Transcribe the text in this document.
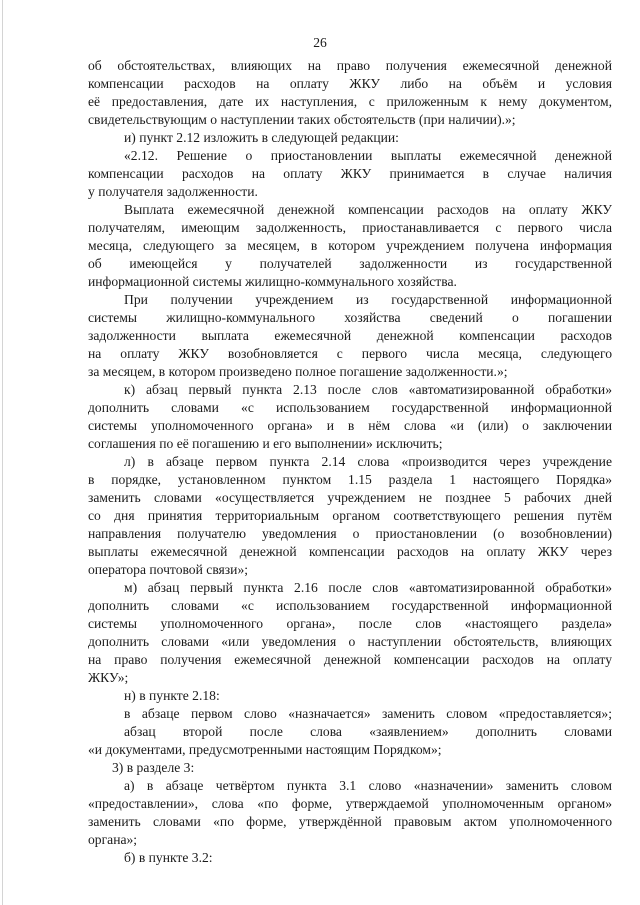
26
об обстоятельствах, влияющих на право получения ежемесячной денежной
компенсации расходов на оплату ЖКУ либо на объём и условия
её предоставления, дате их наступления, с приложенным к нему документом,
свидетельствующим о наступлении таких обстоятельств (при наличии).»;
и) пункт 2.12 изложить в следующей редакции:
«2.12. Решение о приостановлении выплаты ежемесячной денежной
компенсации расходов на оплату ЖКУ принимается в случае наличия
у получателя задолженности.
Выплата ежемесячной денежной компенсации расходов на оплату ЖКУ
получателям, имеющим задолженность, приостанавливается с первого числа
месяца, следующего за месяцем, в котором учреждением получена информация
об имеющейся у получателей задолженности из государственной
информационной системы жилищно-коммунального хозяйства.
При получении учреждением из государственной информационной
системы жилищно-коммунального хозяйства сведений о погашении
задолженности выплата ежемесячной денежной компенсации расходов
на оплату ЖКУ возобновляется с первого числа месяца, следующего
за месяцем, в котором произведено полное погашение задолженности.»;
к) абзац первый пункта 2.13 после слов «автоматизированной обработки»
дополнить словами «с использованием государственной информационной
системы уполномоченного органа» и в нём слова «и (или) о заключении
соглашения по её погашению и его выполнении» исключить;
л) в абзаце первом пункта 2.14 слова «производится через учреждение
в порядке, установленном пунктом 1.15 раздела 1 настоящего Порядка»
заменить словами «осуществляется учреждением не позднее 5 рабочих дней
со дня принятия территориальным органом соответствующего решения путём
направления получателю уведомления о приостановлении (о возобновлении)
выплаты ежемесячной денежной компенсации расходов на оплату ЖКУ через
оператора почтовой связи»;
м) абзац первый пункта 2.16 после слов «автоматизированной обработки»
дополнить словами «с использованием государственной информационной
системы уполномоченного органа», после слов «настоящего раздела»
дополнить словами «или уведомления о наступлении обстоятельств, влияющих
на право получения ежемесячной денежной компенсации расходов на оплату
ЖКУ»;
н) в пункте 2.18:
в абзаце первом слово «назначается» заменить словом «предоставляется»;
абзац второй после слова «заявлением» дополнить словами
«и документами, предусмотренными настоящим Порядком»;
3) в разделе 3:
а) в абзаце четвёртом пункта 3.1 слово «назначении» заменить словом
«предоставлении», слова «по форме, утверждаемой уполномоченным органом»
заменить словами «по форме, утверждённой правовым актом уполномоченного
органа»;
б) в пункте 3.2:
